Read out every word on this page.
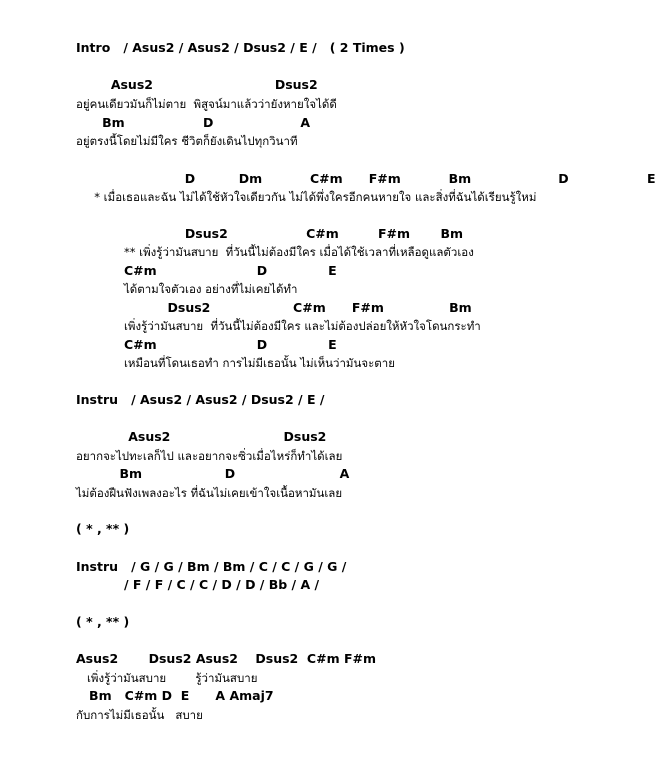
Intro   / Asus2 / Asus2 / Dsus2 / E /   ( 2 Times )
Asus2                            Dsus2
อยู่คนเดียวมันก็ไม่ตาย  พิสูจน์มาแล้วว่ายังหายใจได้ดี
Bm                  D                    A
อยู่ตรงนี้โดยไม่มีใคร ชีวิตก็ยังเดินไปทุกวินาที
D          Dm           C#m      F#m           Bm                    D                  E
* เมื่อเธอและฉัน ไม่ได้ใช้หัวใจเดียวกัน ไม่ได้พึ่งใครอีกคนหายใจ และสิ่งที่ฉันได้เรียนรู้ใหม่
Dsus2                  C#m         F#m       Bm
** เพิ่งรู้ว่ามันสบาย  ที่วันนี้ไม่ต้องมีใคร เมื่อได้ใช้เวลาที่เหลือดูแลตัวเอง
C#m                       D              E
ได้ตามใจตัวเอง อย่างที่ไม่เคยได้ทำ
Dsus2                   C#m      F#m               Bm
เพิ่งรู้ว่ามันสบาย  ที่วันนี้ไม่ต้องมีใคร และไม่ต้องปล่อยให้หัวใจโดนกระทำ
C#m                       D              E
เหมือนที่โดนเธอทำ การไม่มีเธอนั้น ไม่เห็นว่ามันจะตาย
Instru   / Asus2 / Asus2 / Dsus2 / E /
Asus2                          Dsus2
อยากจะไปทะเลก็ไป และอยากจะซิ่วเมื่อไหร่ก็ทำได้เลย
Bm                   D                        A
ไม่ต้องฝืนฟังเพลงอะไร ที่ฉันไม่เคยเข้าใจเนื้อหามันเลย
( * , ** )
Instru   / G / G / Bm / Bm / C / C / G / G /
/ F / F / C / C / D / D / Bb / A /
( * , ** )
Asus2       Dsus2 Asus2    Dsus2  C#m F#m
เพิ่งรู้ว่ามันสบาย        รู้ว่ามันสบาย
Bm   C#m D  E      A Amaj7
กับการไม่มีเธอนั้น   สบาย
